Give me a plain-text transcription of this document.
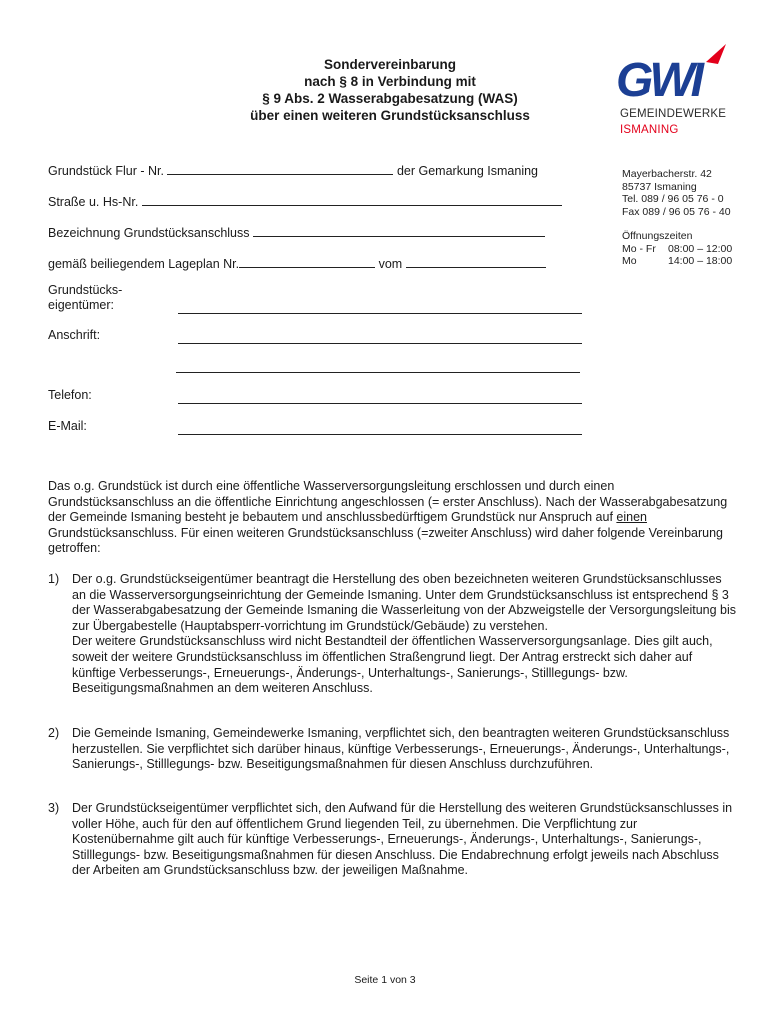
Sondervereinbarung
nach § 8 in Verbindung mit
§ 9 Abs. 2 Wasserabgabesatzung (WAS)
über einen weiteren Grundstücksanschluss
GWI
GEMEINDEWERKE
ISMANING
Mayerbacherstr. 42
85737 Ismaning
Tel. 089 / 96 05 76 - 0
Fax 089 / 96 05 76 - 40
Öffnungszeiten
Mo - Fr	08:00 – 12:00
Mo	14:00 – 18:00
Grundstück Flur - Nr.	der Gemarkung Ismaning
Straße u. Hs-Nr.
Bezeichnung Grundstücksanschluss
gemäß beiliegendem Lageplan Nr.	vom
Grundstücks-
eigentümer:
Anschrift:
Telefon:
E-Mail:
Das o.g. Grundstück ist durch eine öffentliche Wasserversorgungsleitung erschlossen und durch einen Grundstücksanschluss an die öffentliche Einrichtung angeschlossen (= erster Anschluss). Nach der Wasserabgabesatzung der Gemeinde Ismaning besteht je bebautem und anschlussbedürftigem Grundstück nur Anspruch auf einen Grundstücksanschluss. Für einen weiteren Grundstücksanschluss (=zweiter Anschluss) wird daher folgende Vereinbarung getroffen:
1) Der o.g. Grundstückseigentümer beantragt die Herstellung des oben bezeichneten weiteren Grundstücksanschlusses an die Wasserversorgungseinrichtung der Gemeinde Ismaning. Unter dem Grundstücksanschluss ist entsprechend § 3 der Wasserabgabesatzung der Gemeinde Ismaning die Wasserleitung von der Abzweigstelle der Versorgungsleitung bis zur Übergabestelle (Hauptabsperr-vorrichtung im Grundstück/Gebäude) zu verstehen.
Der weitere Grundstücksanschluss wird nicht Bestandteil der öffentlichen Wasserversorgungsanlage. Dies gilt auch, soweit der weitere Grundstücksanschluss im öffentlichen Straßengrund liegt. Der Antrag erstreckt sich daher auf künftige Verbesserungs-, Erneuerungs-, Änderungs-, Unterhaltungs-, Sanierungs-, Stilllegungs- bzw. Beseitigungsmaßnahmen an dem weiteren Anschluss.
2) Die Gemeinde Ismaning, Gemeindewerke Ismaning, verpflichtet sich, den beantragten weiteren Grundstücksanschluss herzustellen. Sie verpflichtet sich darüber hinaus, künftige Verbesserungs-, Erneuerungs-, Änderungs-, Unterhaltungs-, Sanierungs-, Stilllegungs- bzw. Beseitigungsmaßnahmen für diesen Anschluss durchzuführen.
3) Der Grundstückseigentümer verpflichtet sich, den Aufwand für die Herstellung des weiteren Grundstücksanschlusses in voller Höhe, auch für den auf öffentlichem Grund liegenden Teil, zu übernehmen. Die Verpflichtung zur Kostenübernahme gilt auch für künftige Verbesserungs-, Erneuerungs-, Änderungs-, Unterhaltungs-, Sanierungs-, Stilllegungs- bzw. Beseitigungsmaßnahmen für diesen Anschluss. Die Endabrechnung erfolgt jeweils nach Abschluss der Arbeiten am Grundstücksanschluss bzw. der jeweiligen Maßnahme.
Seite 1 von 3
